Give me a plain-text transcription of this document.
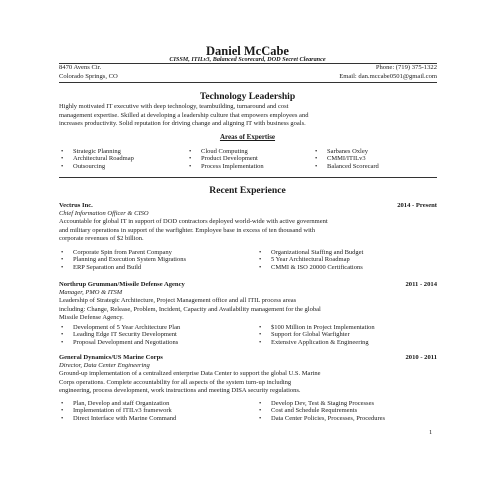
Daniel McCabe
CISSM, ITILv3, Balanced Scorecard, DOD Secret Clearance
8470 Avens Cir.	Phone: (719) 375-1322
Colorado Springs, CO	Email: dan.mccabe0501@gmail.com
Technology Leadership
Highly motivated IT executive with deep technology, teambuilding, turnaround and cost
management expertise. Skilled at developing a leadership culture that empowers employees and
increases productivity. Solid reputation for driving change and aligning IT with business goals.
Areas of Expertise
• Strategic Planning
• Architectural Roadmap
• Outsourcing
• Cloud Computing
• Product Development
• Process Implementation
• Sarbanes Oxley
• CMMI/ITILv3
• Balanced Scorecard
Recent Experience
Vectrus Inc.	2014 - Present
Chief Information Officer & CISO
Accountable for global IT in support of DOD contractors deployed world-wide with active government
and military operations in support of the warfighter. Employee base in excess of ten thousand with
corporate revenues of $2 billion.
• Corporate Spin from Parent Company
• Planning and Execution System Migrations
• ERP Separation and Build
• Organizational Staffing and Budget
• 5 Year Architectural Roadmap
• CMMI & ISO 20000 Certifications
Northrup Grumman/Missile Defense Agency	2011 - 2014
Manager, PMO & ITSM
Leadership of Strategic Architecture, Project Management office and all ITIL process areas
including: Change, Release, Problem, Incident, Capacity and Availability management for the global
Missile Defense Agency.
• Development of 5 Year Architecture Plan
• Leading Edge IT Security Development
• Proposal Development and Negotiations
• $100 Million in Project Implementation
• Support for Global Warfighter
• Extensive Application & Engineering
General Dynamics/US Marine Corps	2010 - 2011
Director, Data Center Engineering
Ground-up implementation of a centralized enterprise Data Center to support the global U.S. Marine
Corps operations. Complete accountability for all aspects of the system turn-up including
engineering, process development, work instructions and meeting DISA security regulations.
• Plan, Develop and staff Organization
• Implementation of ITILv3 framework
• Direct Interface with Marine Command
• Develop Dev, Test & Staging Processes
• Cost and Schedule Requirements
• Data Center Policies, Processes, Procedures
1
